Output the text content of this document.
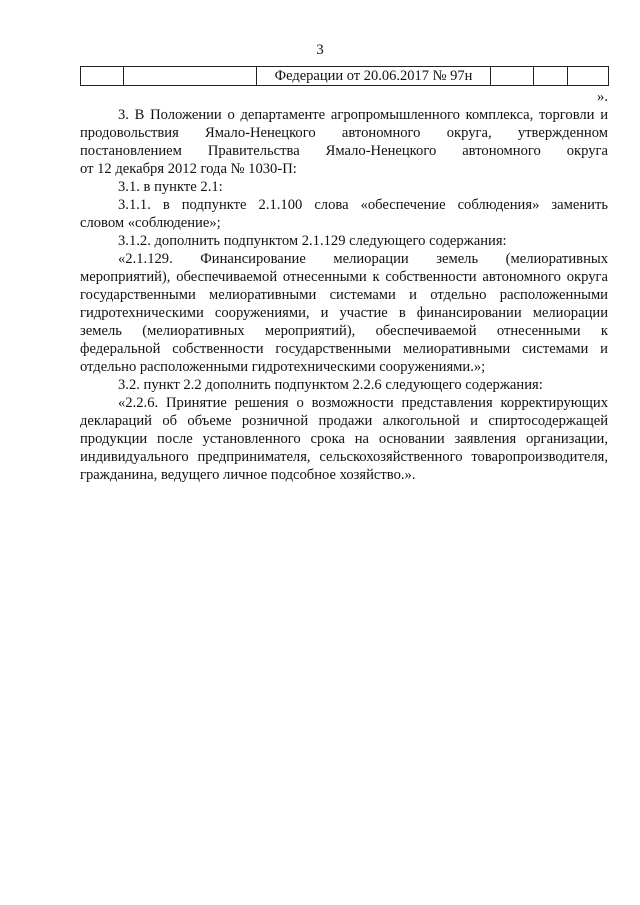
3
		Федерации от 20.06.2017 № 97н			

».

3. В Положении о департаменте агропромышленного комплекса, торговли и

продовольствия Ямало-Ненецкого автономного округа, утвержденном

постановлением Правительства Ямало-Ненецкого автономного округа

от 12 декабря 2012 года № 1030-П:

3.1. в пункте 2.1:

3.1.1. в подпункте 2.1.100 слова «обеспечение соблюдения» заменить

словом «соблюдение»;

3.1.2. дополнить подпунктом 2.1.129 следующего содержания:

«2.1.129. Финансирование мелиорации земель (мелиоративных

мероприятий), обеспечиваемой отнесенными к собственности автономного округа

государственными мелиоративными системами и отдельно расположенными

гидротехническими сооружениями, и участие в финансировании мелиорации

земель (мелиоративных мероприятий), обеспечиваемой отнесенными к

федеральной собственности государственными мелиоративными системами и

отдельно расположенными гидротехническими сооружениями.»;

3.2. пункт 2.2 дополнить подпунктом 2.2.6 следующего содержания:

«2.2.6. Принятие решения о возможности представления корректирующих

деклараций об объеме розничной продажи алкогольной и спиртосодержащей

продукции после установленного срока на основании заявления организации,

индивидуального предпринимателя, сельскохозяйственного товаропроизводителя,

гражданина, ведущего личное подсобное хозяйство.».
